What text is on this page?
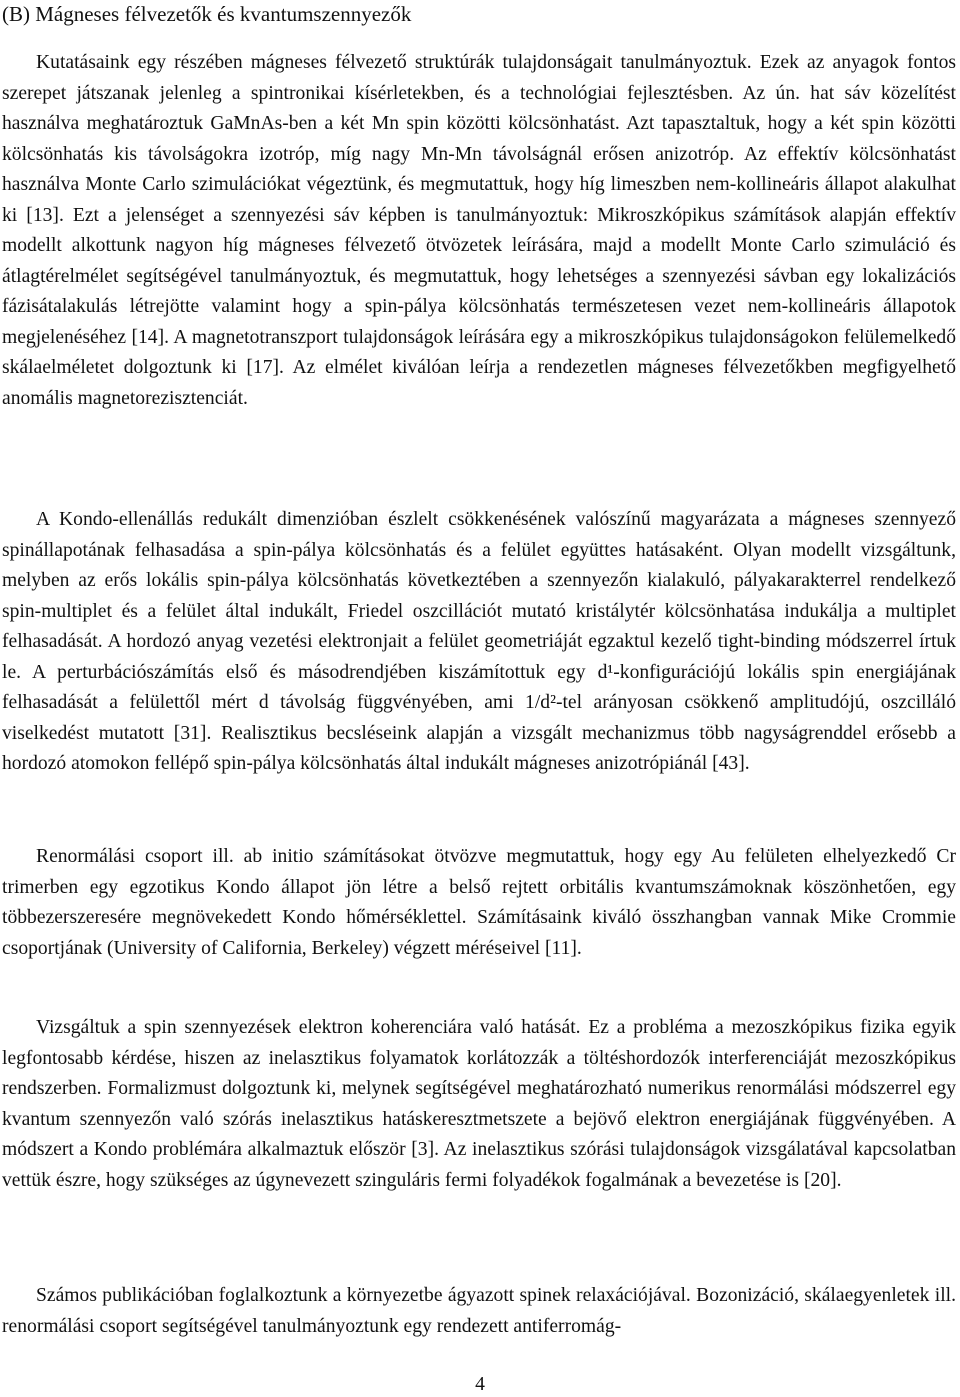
(B) Mágneses félvezetők és kvantumszennyezők

Kutatásaink egy részében mágneses félvezető struktúrák tulajdonságait tanulmányoztuk. Ezek az anyagok fontos szerepet játszanak jelenleg a spintronikai kísérletekben, és a technológiai fejlesztésben. Az ún. hat sáv közelítést használva meghatároztuk GaMnAs-ben a két Mn spin közötti kölcsönhatást. Azt tapasztaltuk, hogy a két spin közötti kölcsönhatás kis távolságokra izotróp, míg nagy Mn-Mn távolságnál erősen anizotróp. Az effektív kölcsönhatást használva Monte Carlo szimulációkat végeztünk, és megmutattuk, hogy híg limeszben nem-kollineáris állapot alakulhat ki [13]. Ezt a jelenséget a szennyezési sáv képben is tanulmányoztuk: Mikroszkópikus számítások alapján effektív modellt alkottunk nagyon híg mágneses félvezető ötvözetek leírására, majd a modellt Monte Carlo szimuláció és átlagtérelmélet segítségével tanulmányoztuk, és megmutattuk, hogy lehetséges a szennyezési sávban egy lokalizációs fázisátalakulás létrejötte valamint hogy a spin-pálya kölcsönhatás természetesen vezet nem-kollineáris állapotok megjelenéséhez [14]. A magnetotranszport tulajdonságok leírására egy a mikroszkópikus tulajdonságokon felülemelkedő skálaelméletet dolgoztunk ki [17]. Az elmélet kiválóan leírja a rendezetlen mágneses félvezetőkben megfigyelhető anomális magnetorezisztenciát.

A Kondo-ellenállás redukált dimenzióban észlelt csökkenésének valószínű magyarázata a mágneses szennyező spinállapotának felhasadása a spin-pálya kölcsönhatás és a felület együttes hatásaként. Olyan modellt vizsgáltunk, melyben az erős lokális spin-pálya kölcsönhatás következtében a szennyezőn kialakuló, pályakarakterrel rendelkező spin-multiplet és a felület által indukált, Friedel oszcillációt mutató kristálytér kölcsönhatása indukálja a multiplet felhasadását. A hordozó anyag vezetési elektronjait a felület geometriáját egzaktul kezelő tight-binding módszerrel írtuk le. A perturbációszámítás első és másodrendjében kiszámítottuk egy d¹-konfigurációjú lokális spin energiájának felhasadását a felülettől mért d távolság függvényében, ami 1/d²-tel arányosan csökkenő amplitudójú, oszcilláló viselkedést mutatott [31]. Realisztikus becsléseink alapján a vizsgált mechanizmus több nagyságrenddel erősebb a hordozó atomokon fellépő spin-pálya kölcsönhatás által indukált mágneses anizotrópiánál [43].

Renormálási csoport ill. ab initio számításokat ötvözve megmutattuk, hogy egy Au felületen elhelyezkedő Cr trimerben egy egzotikus Kondo állapot jön létre a belső rejtett orbitális kvantumszámoknak köszönhetően, egy többezerszeresére megnövekedett Kondo hőmérséklettel. Számításaink kiváló összhangban vannak Mike Crommie csoportjának (University of California, Berkeley) végzett méréseivel [11].

Vizsgáltuk a spin szennyezések elektron koherenciára való hatását. Ez a probléma a mezoszkópikus fizika egyik legfontosabb kérdése, hiszen az inelasztikus folyamatok korlátozzák a töltéshordozók interferenciáját mezoszkópikus rendszerben. Formalizmust dolgoztunk ki, melynek segítségével meghatározható numerikus renormálási módszerrel egy kvantum szennyezőn való szórás inelasztikus hatáskeresztmetszete a bejövő elektron energiájának függvényében. A módszert a Kondo problémára alkalmaztuk először [3]. Az inelasztikus szórási tulajdonságok vizsgálatával kapcsolatban vettük észre, hogy szükséges az úgynevezett szinguláris fermi folyadékok fogalmának a bevezetése is [20].

Számos publikációban foglalkoztunk a környezetbe ágyazott spinek relaxációjával. Bozonizáció, skálaegyenletek ill. renormálási csoport segítségével tanulmányoztunk egy rendezett antiferromág-

4
